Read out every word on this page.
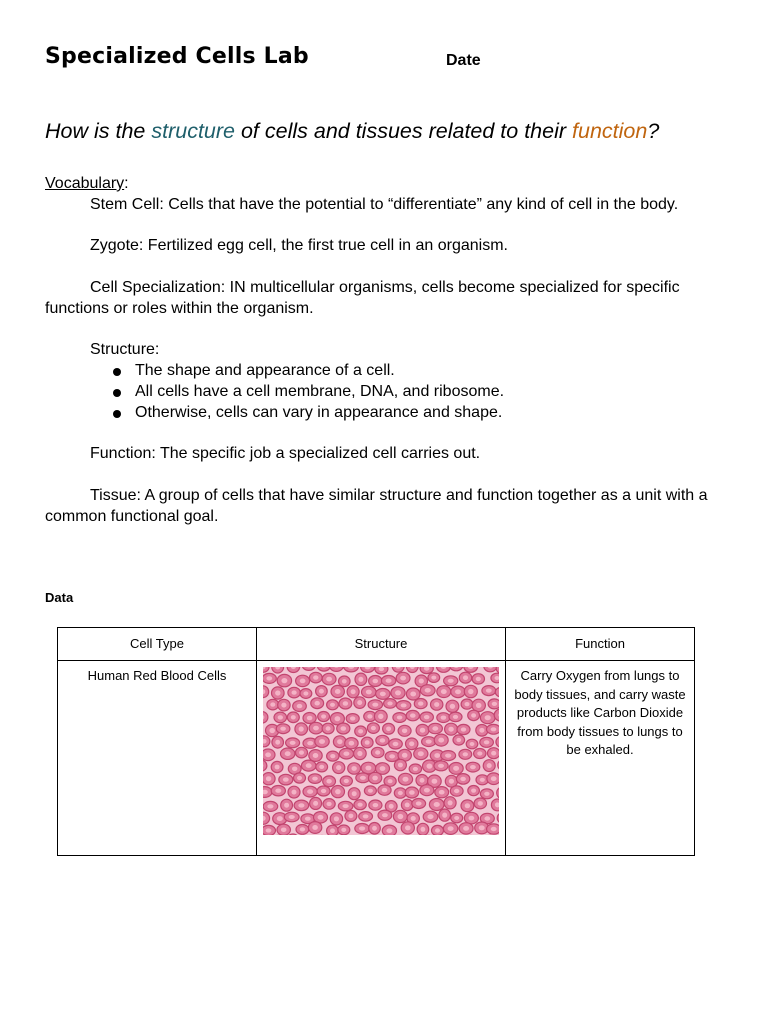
Specialized Cells Lab	Date

How is the structure of cells and tissues related to their function?

Vocabulary:

Stem Cell: Cells that have the potential to “differentiate” any kind of cell in the body.

Zygote: Fertilized egg cell, the first true cell in an organism.

Cell Specialization: IN multicellular organisms, cells become specialized for specific functions or roles within the organism.

Structure:

The shape and appearance of a cell.
All cells have a cell membrane, DNA, and ribosome.
Otherwise, cells can vary in appearance and shape.

Function: The specific job a specialized cell carries out.

Tissue: A group of cells that have similar structure and function together as a unit with a common functional goal.

Data
Cell Type	Structure	Function
Human Red Blood Cells		Carry Oxygen from lungs to body tissues, and carry waste products like Carbon Dioxide from body tissues to lungs to be exhaled.
